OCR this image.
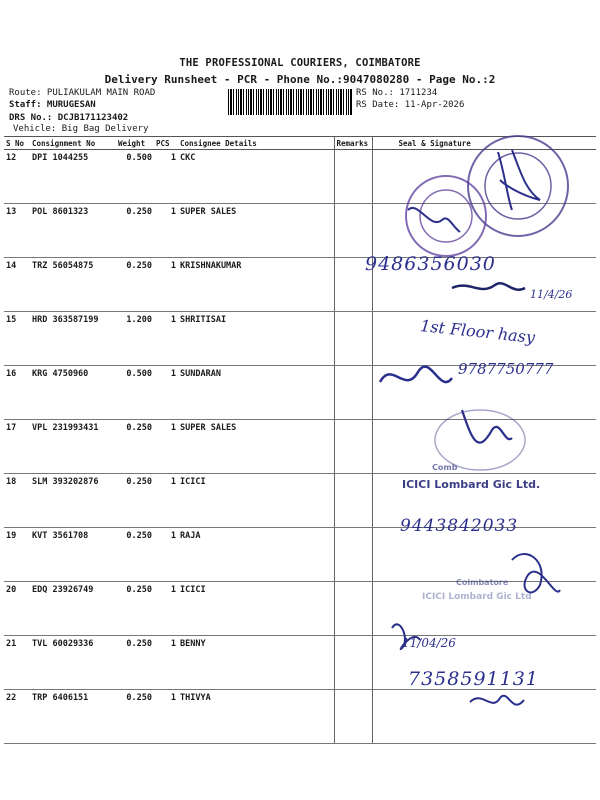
THE PROFESSIONAL COURIERS, COIMBATORE
Delivery Runsheet - PCR - Phone No.:9047080280 - Page No.:2
Route: PULIAKULAM MAIN ROAD
Staff: MURUGESAN
DRS No.: DCJB171123402
Vehicle: Big Bag Delivery
RS No.: 1711234
RS Date: 11-Apr-2026
S No	Consignment No	Weight	PCS	Consignee Details	Remarks	Seal & Signature
12	DPI 1044255	0.500	1	CKC		
13	POL 8601323	0.250	1	SUPER SALES		
14	TRZ 56054875	0.250	1	KRISHNAKUMAR		
15	HRD 363587199	1.200	1	SHRITISAI		
16	KRG 4750960	0.500	1	SUNDARAN		
17	VPL 231993431	0.250	1	SUPER SALES		
18	SLM 393202876	0.250	1	ICICI		
19	KVT 3561708	0.250	1	RAJA		
20	EDQ 23926749	0.250	1	ICICI		
21	TVL 60029336	0.250	1	BENNY		
22	TRP 6406151	0.250	1	THIVYA		
9486356030
11/4/26
1st Floor hasy
9787750777
Comb
ICICI Lombard Gic Ltd.
9443842033
Coimbatore
ICICI Lombard Gic Ltd
11/04/26
7358591131
